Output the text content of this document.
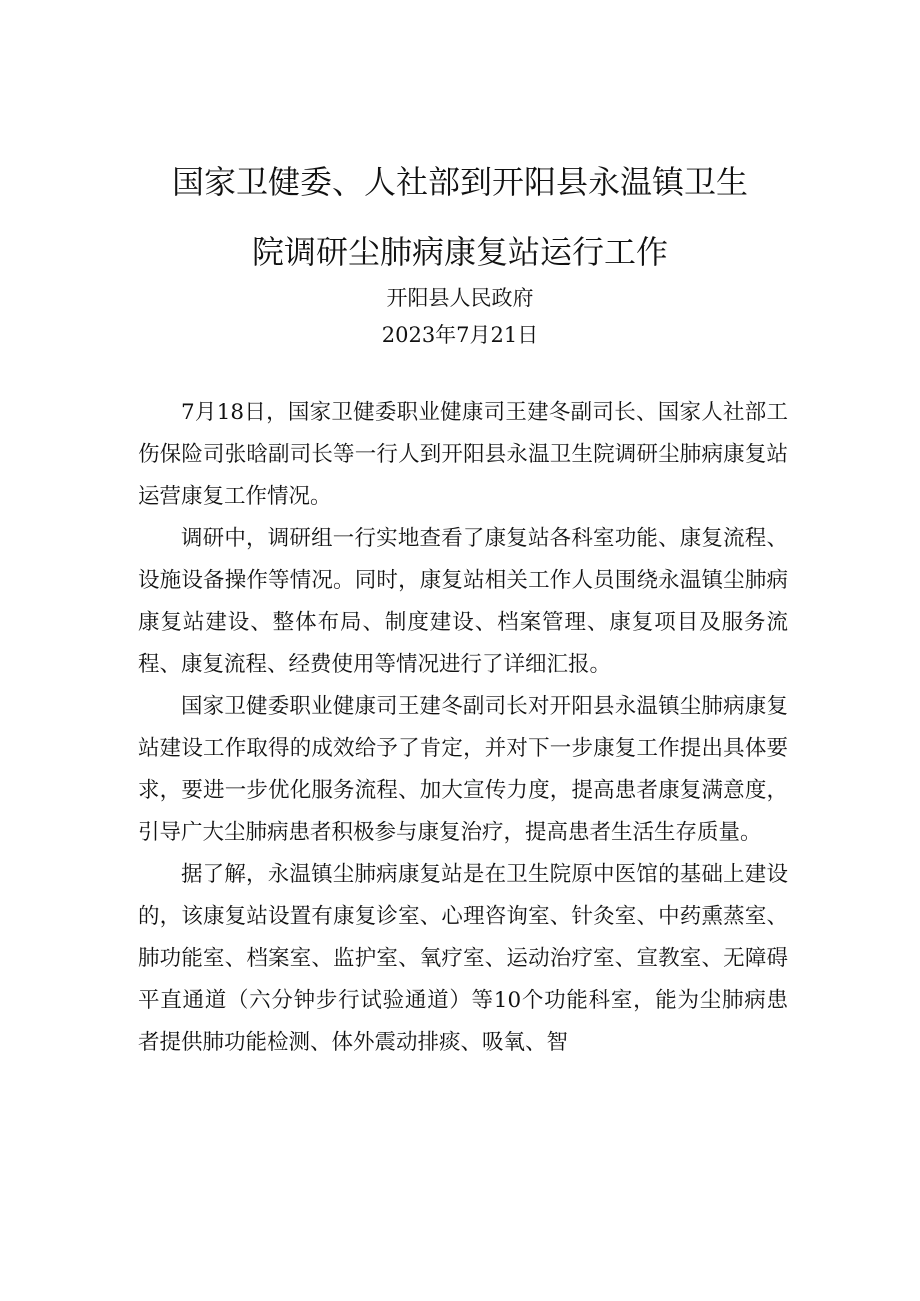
国家卫健委、人社部到开阳县永温镇卫生
院调研尘肺病康复站运行工作
开阳县人民政府
2023年7月21日

7月18日，国家卫健委职业健康司王建冬副司长、国家人社部工伤保险司张晗副司长等一行人到开阳县永温卫生院调研尘肺病康复站运营康复工作情况。

调研中，调研组一行实地查看了康复站各科室功能、康复流程、设施设备操作等情况。同时，康复站相关工作人员围绕永温镇尘肺病康复站建设、整体布局、制度建设、档案管理、康复项目及服务流程、康复流程、经费使用等情况进行了详细汇报。

国家卫健委职业健康司王建冬副司长对开阳县永温镇尘肺病康复站建设工作取得的成效给予了肯定，并对下一步康复工作提出具体要求，要进一步优化服务流程、加大宣传力度，提高患者康复满意度，引导广大尘肺病患者积极参与康复治疗，提高患者生活生存质量。

据了解，永温镇尘肺病康复站是在卫生院原中医馆的基础上建设的，该康复站设置有康复诊室、心理咨询室、针灸室、中药熏蒸室、肺功能室、档案室、监护室、氧疗室、运动治疗室、宣教室、无障碍平直通道（六分钟步行试验通道）等10个功能科室，能为尘肺病患者提供肺功能检测、体外震动排痰、吸氧、智
